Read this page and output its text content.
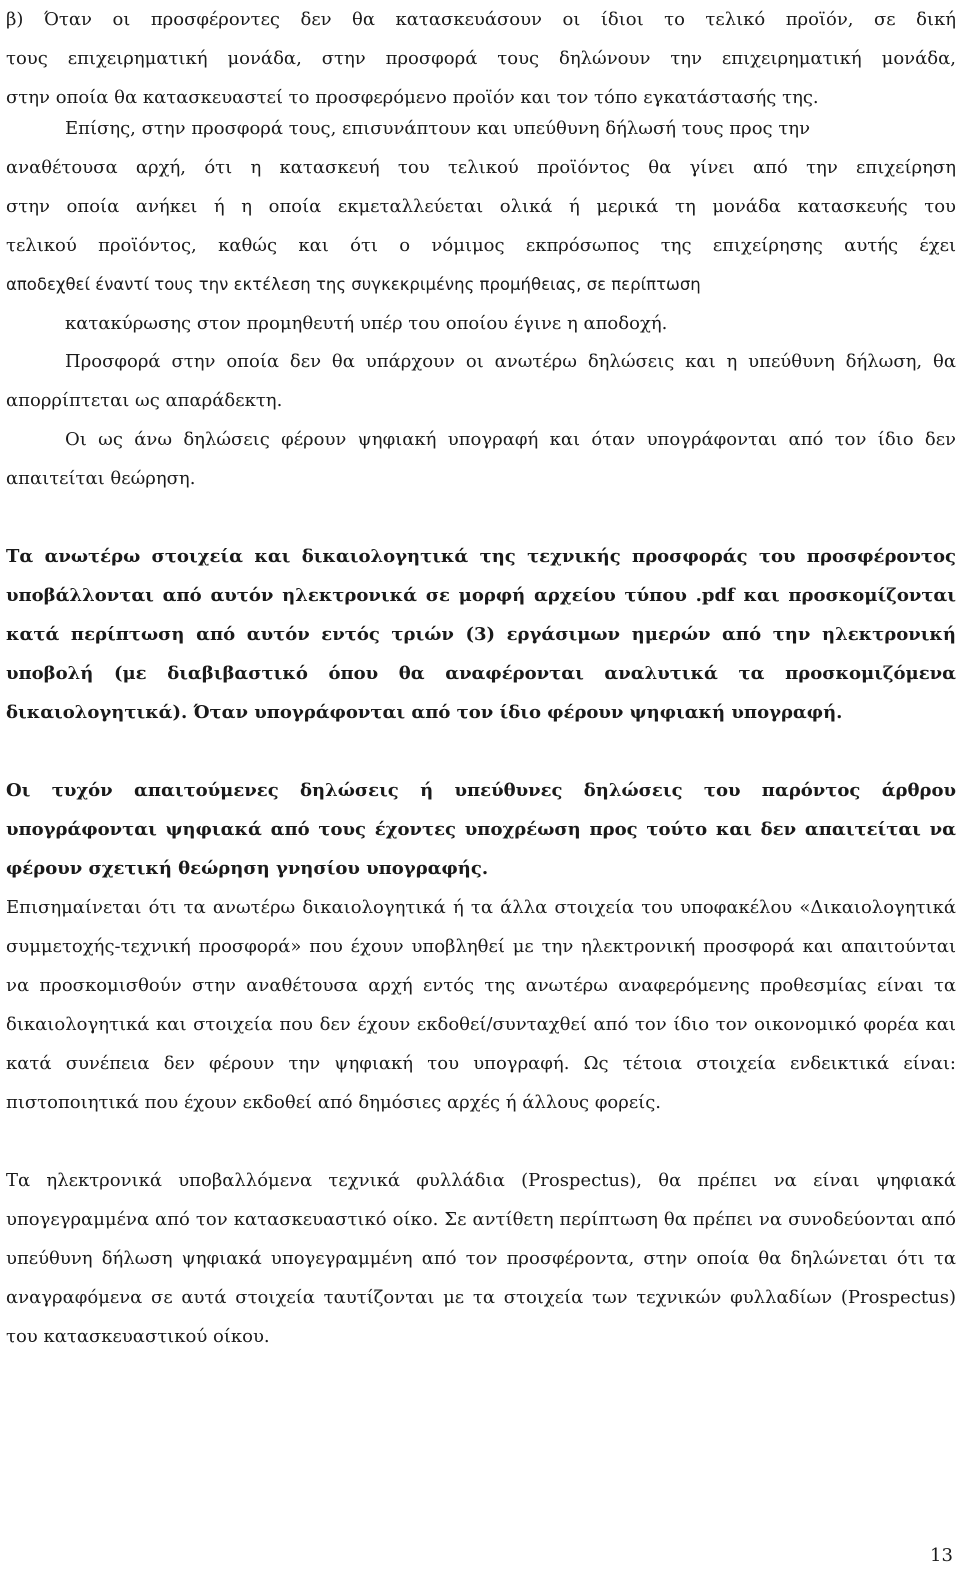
β) Όταν οι προσφέροντες δεν θα κατασκευάσουν οι ίδιοι το τελικό προϊόν, σε δική
τους επιχειρηματική μονάδα, στην προσφορά τους δηλώνουν την επιχειρηματική μονάδα,
στην οποία θα κατασκευαστεί το προσφερόμενο προϊόν και τον τόπο εγκατάστασής της.
Επίσης, στην προσφορά τους, επισυνάπτουν και υπεύθυνη δήλωσή τους προς την
αναθέτουσα αρχή, ότι η κατασκευή του τελικού προϊόντος θα γίνει από την επιχείρηση
στην οποία ανήκει ή η οποία εκμεταλλεύεται ολικά ή μερικά τη μονάδα κατασκευής του
τελικού προϊόντος, καθώς και ότι ο νόμιμος εκπρόσωπος της επιχείρησης αυτής έχει
αποδεχθεί έναντί τους την εκτέλεση της συγκεκριμένης προμήθειας, σε περίπτωση
κατακύρωσης στον προμηθευτή υπέρ του οποίου έγινε η αποδοχή.

Προσφορά στην οποία δεν θα υπάρχουν οι ανωτέρω δηλώσεις και η υπεύθυνη δήλωση, θα απορρίπτεται ως απαράδεκτη.

Οι ως άνω δηλώσεις φέρουν ψηφιακή υπογραφή και όταν υπογράφονται από τον ίδιο δεν απαιτείται θεώρηση.

Τα ανωτέρω στοιχεία και δικαιολογητικά της τεχνικής προσφοράς του προσφέροντος υποβάλλονται από αυτόν ηλεκτρονικά σε μορφή αρχείου τύπου .pdf και προσκομίζονται κατά περίπτωση από αυτόν εντός τριών (3) εργάσιμων ημερών από την ηλεκτρονική υποβολή (με διαβιβαστικό όπου θα αναφέρονται αναλυτικά τα προσκομιζόμενα δικαιολογητικά). Όταν υπογράφονται από τον ίδιο φέρουν ψηφιακή υπογραφή.

Οι τυχόν απαιτούμενες δηλώσεις ή υπεύθυνες δηλώσεις του παρόντος άρθρου υπογράφονται ψηφιακά από τους έχοντες υποχρέωση προς τούτο και δεν απαιτείται να φέρουν σχετική θεώρηση γνησίου υπογραφής.

Επισημαίνεται ότι τα ανωτέρω δικαιολογητικά ή τα άλλα στοιχεία του υποφακέλου «Δικαιολογητικά συμμετοχής-τεχνική προσφορά» που έχουν υποβληθεί με την ηλεκτρονική προσφορά και απαιτούνται να προσκομισθούν στην αναθέτουσα αρχή εντός της ανωτέρω αναφερόμενης προθεσμίας είναι τα δικαιολογητικά και στοιχεία που δεν έχουν εκδοθεί/συνταχθεί από τον ίδιο τον οικονομικό φορέα και κατά συνέπεια δεν φέρουν την ψηφιακή του υπογραφή. Ως τέτοια στοιχεία ενδεικτικά είναι: πιστοποιητικά που έχουν εκδοθεί από δημόσιες αρχές ή άλλους φορείς.

Τα ηλεκτρονικά υποβαλλόμενα τεχνικά φυλλάδια (Prospectus), θα πρέπει να είναι ψηφιακά υπογεγραμμένα από τον κατασκευαστικό οίκο. Σε αντίθετη περίπτωση θα πρέπει να συνοδεύονται από υπεύθυνη δήλωση ψηφιακά υπογεγραμμένη από τον προσφέροντα, στην οποία θα δηλώνεται ότι τα αναγραφόμενα σε αυτά στοιχεία ταυτίζονται με τα στοιχεία των τεχνικών φυλλαδίων (Prospectus) του κατασκευαστικού οίκου.

13
